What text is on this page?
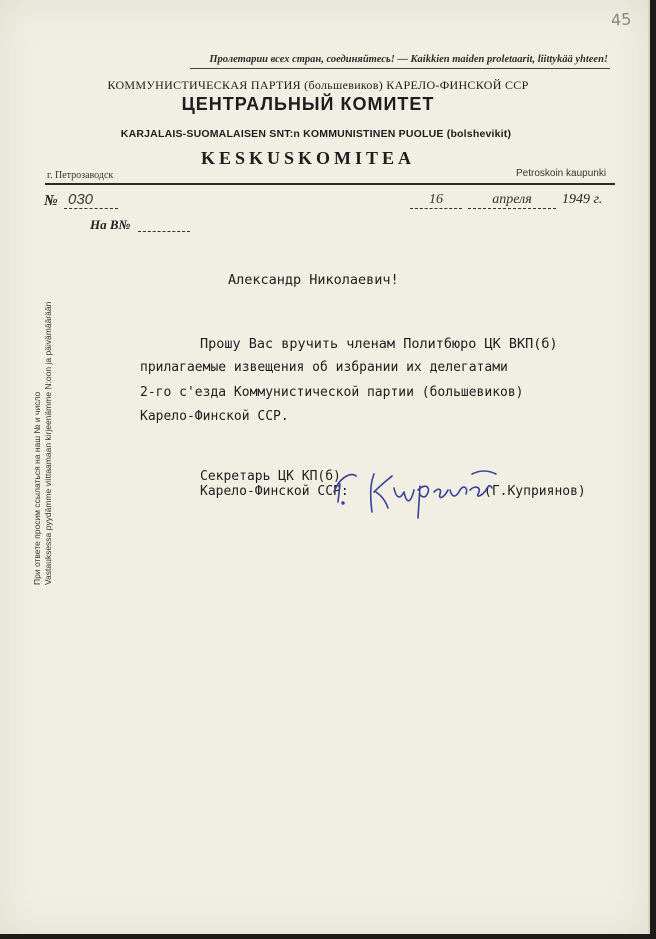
45
Пролетарии всех стран, соединяйтесь! — Kaikkien maiden proletaarit, liittykää yhteen!
КОММУНИСТИЧЕСКАЯ ПАРТИЯ (большевиков) КАРЕЛО-ФИНСКОЙ ССР
ЦЕНТРАЛЬНЫЙ КОМИТЕТ
KARJALAIS-SUOMALAISEN SNT:n KOMMUNISTINEN PUOLUE (bolshevikit)
KESKUSKOMITEA
г. Петрозаводск	Petroskoin kaupunki
№ 030
На В№
16	апреля	1949 г.
При ответе просим ссылаться на наш № и число Vastauksessa pyydämme viittaamaan kirjeenämme N:oon ja päivämäärään
Александр Николаевич!
Прошу Вас вручить членам Политбюро ЦК ВКП(б)
прилагаемые извещения об избрании их делегатами
2-го с'езда Коммунистической партии (большевиков)
Карело-Финской ССР.
Секретарь ЦК КП(б)
Карело-Финской ССР:	(Г.Куприянов)
